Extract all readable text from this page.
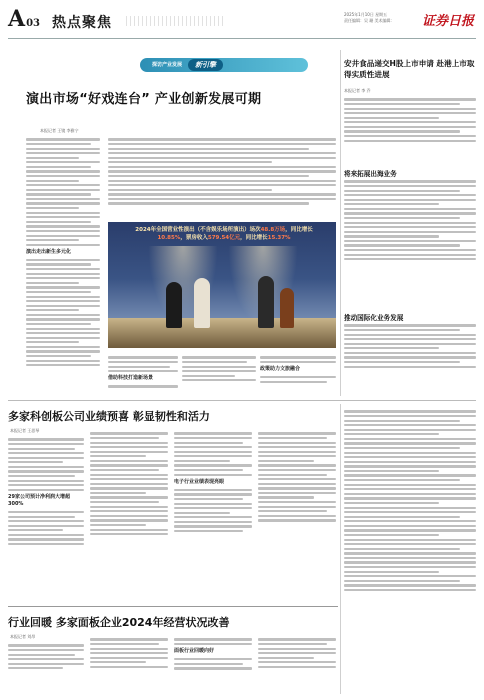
A03 热点聚焦
2025年1月10日 星期五
责任编辑：吴 珊 美术编辑：	证券日报
探访产业发展	新引擎
演出市场“好戏连台” 产业创新发展可期
本报记者 王镜 李雅宁
演出走出新生多元化
2024年全国营业性演出（不含娱乐场所演出）场次48.8万场，同比增长10.85%，票房收入579.54亿元，同比增长15.37%
借助科技打造新场景
政策助力文旅融合
安井食品递交H股上市申请 赴港上市取得实质性进展
本报记者 李 乔
将来拓展出海业务
推动国际化业务发展
多家科创板公司业绩预喜 彰显韧性和活力
本报记者 王思琴
29家公司预计净利润大增超300%
电子行业业绩表现亮眼
行业回暖 多家面板企业2024年经营状况改善
本报记者 刘昂
面板行业回暖向好
